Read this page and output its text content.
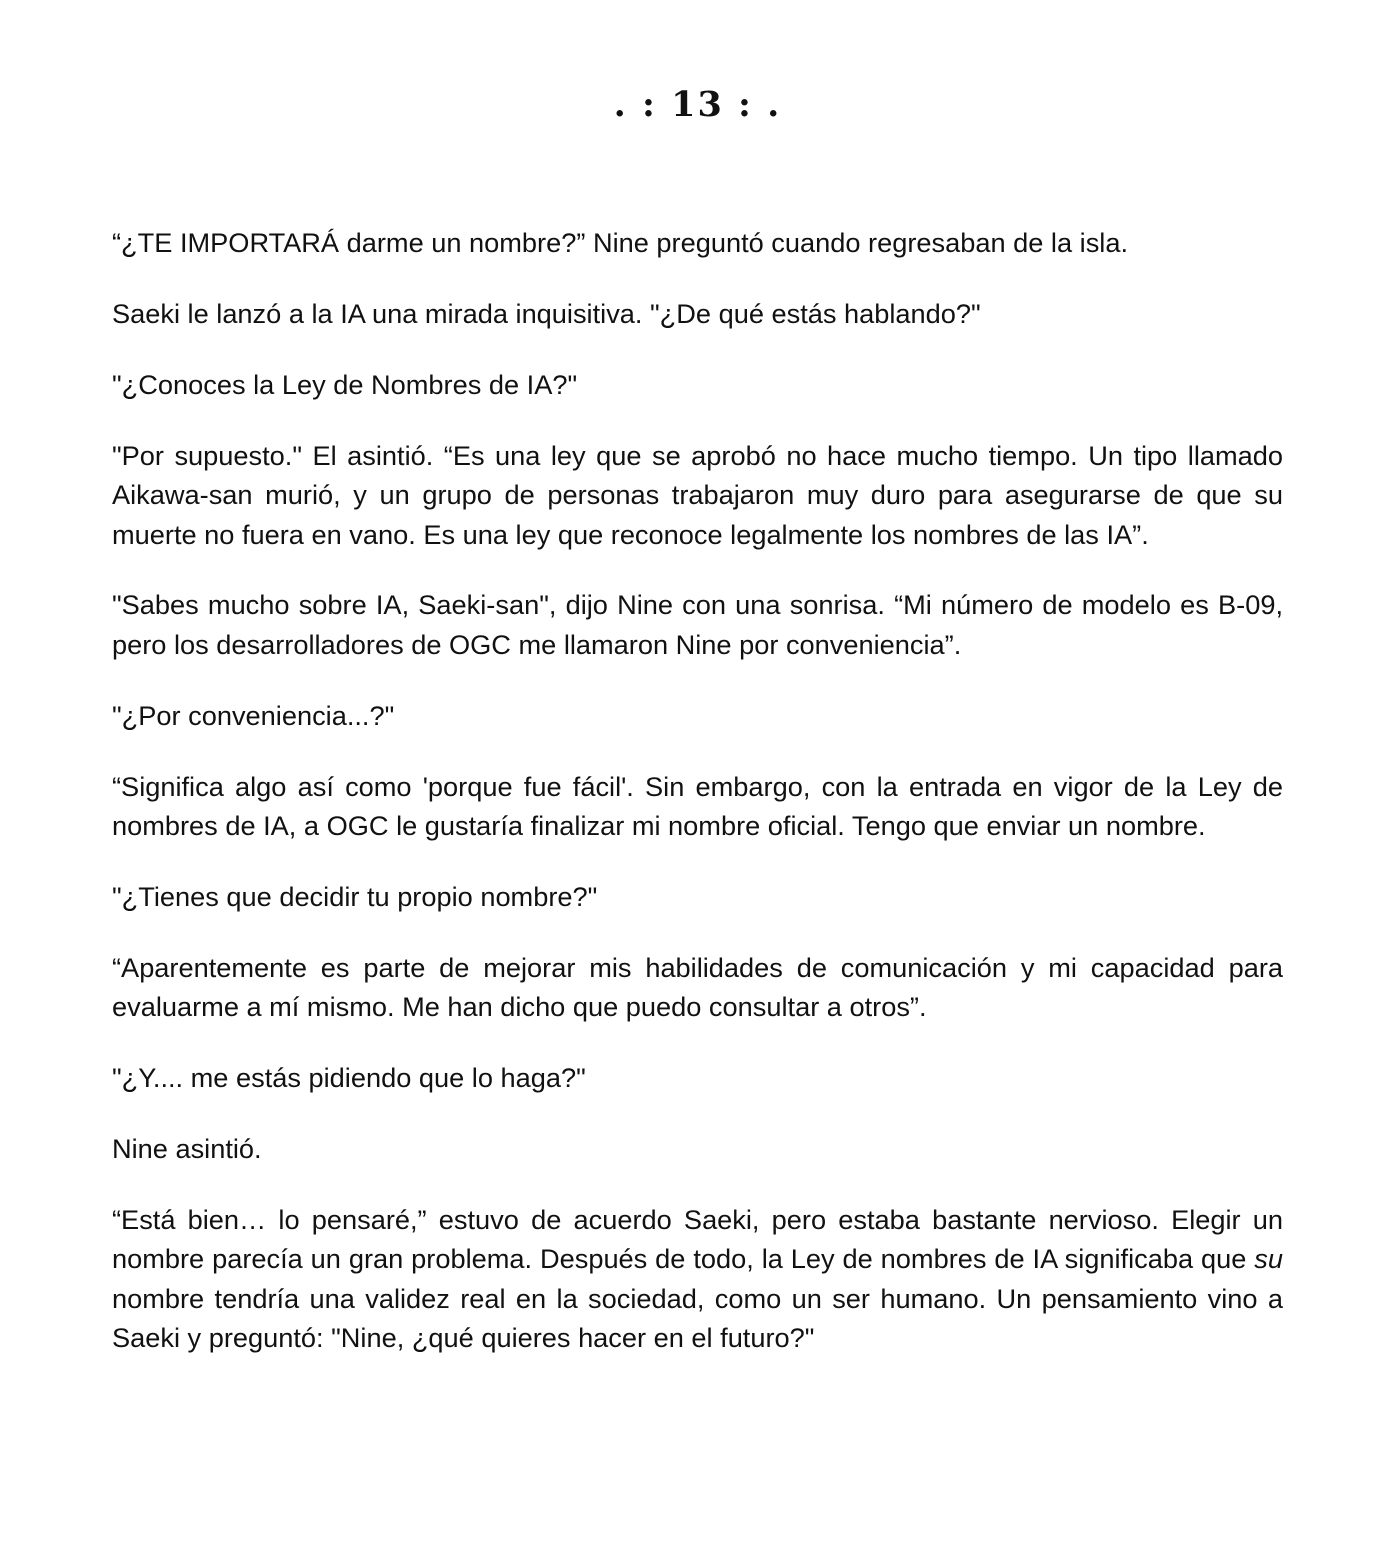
. : 13 : .

“¿TE IMPORTARÁ darme un nombre?” Nine preguntó cuando regresaban de la isla.

Saeki le lanzó a la IA una mirada inquisitiva. "¿De qué estás hablando?"

"¿Conoces la Ley de Nombres de IA?"

"Por supuesto." El asintió. “Es una ley que se aprobó no hace mucho tiempo. Un tipo llamado Aikawa-san murió, y un grupo de personas trabajaron muy duro para asegurarse de que su muerte no fuera en vano. Es una ley que reconoce legalmente los nombres de las IA”.

"Sabes mucho sobre IA, Saeki-san", dijo Nine con una sonrisa. “Mi número de modelo es B-09, pero los desarrolladores de OGC me llamaron Nine por conveniencia”.

"¿Por conveniencia...?"

“Significa algo así como 'porque fue fácil'. Sin embargo, con la entrada en vigor de la Ley de nombres de IA, a OGC le gustaría finalizar mi nombre oficial. Tengo que enviar un nombre.

"¿Tienes que decidir tu propio nombre?"

“Aparentemente es parte de mejorar mis habilidades de comunicación y mi capacidad para evaluarme a mí mismo. Me han dicho que puedo consultar a otros”.

"¿Y.... me estás pidiendo que lo haga?"

Nine asintió.

“Está bien… lo pensaré,” estuvo de acuerdo Saeki, pero estaba bastante nervioso. Elegir un nombre parecía un gran problema. Después de todo, la Ley de nombres de IA significaba que su nombre tendría una validez real en la sociedad, como un ser humano. Un pensamiento vino a Saeki y preguntó: "Nine, ¿qué quieres hacer en el futuro?"
